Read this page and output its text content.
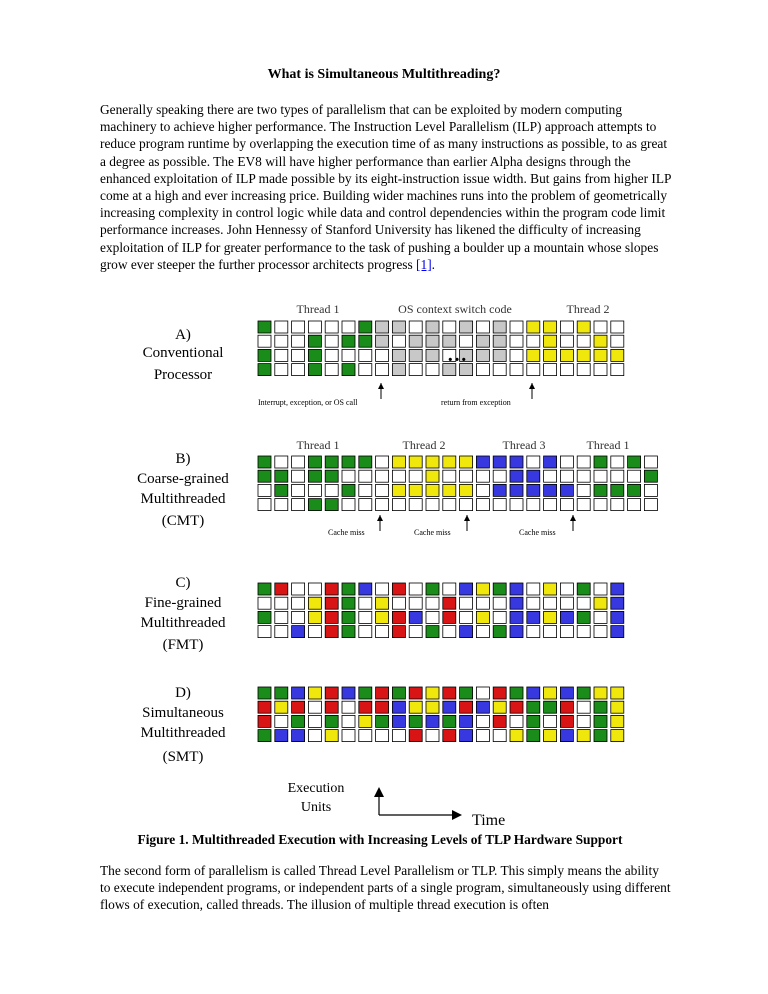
What is Simultaneous Multithreading?

Generally speaking there are two types of parallelism that can be exploited by modern computing machinery to achieve higher performance. The Instruction Level Parallelism (ILP) approach attempts to reduce program runtime by overlapping the execution time of as many instructions as possible, to as great a degree as possible. The EV8 will have higher performance than earlier Alpha designs through the enhanced exploitation of ILP made possible by its eight-instruction issue width. But gains from higher ILP come at a high and ever increasing price. Building wider machines runs into the problem of geometrically increasing complexity in control logic while data and control dependencies within the program code limit performance increases. John Hennessy of Stanford University has likened the difficulty of increasing exploitation of ILP for greater performance to the task of pushing a boulder up a mountain whose slopes grow ever steeper the further processor architects progress [1].

A)
Conventional
Processor
Thread 1	OS context switch code	Thread 2
Interrupt, exception, or OS call	return from exception
B)
Coarse-grained
Multithreaded
(CMT)
Thread 1	Thread 2	Thread 3	Thread 1
Cache miss	Cache miss	Cache miss
C)
Fine-grained
Multithreaded
(FMT)
D)
Simultaneous
Multithreaded
(SMT)
…
Execution
Units
Time
Figure 1. Multithreaded Execution with Increasing Levels of TLP Hardware Support

The second form of parallelism is called Thread Level Parallelism or TLP. This simply means the ability to execute independent programs, or independent parts of a single program, simultaneously using different flows of execution, called threads. The illusion of multiple thread execution is often
